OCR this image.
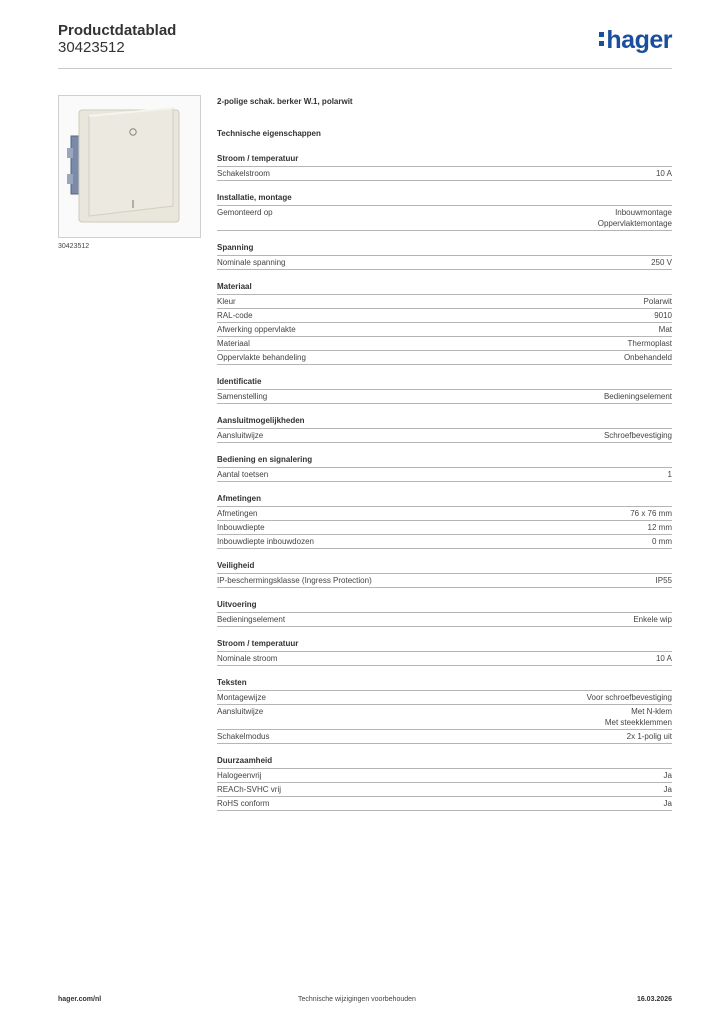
Productdatablad
30423512	hager
30423512
2-polige schak. berker W.1, polarwit
Technische eigenschappen
Stroom / temperatuur
Schakelstroom	10 A
Installatie, montage
Gemonteerd op	Inbouwmontage
Oppervlaktemontage
Spanning
Nominale spanning	250 V
Materiaal
Kleur	Polarwit
RAL-code	9010
Afwerking oppervlakte	Mat
Materiaal	Thermoplast
Oppervlakte behandeling	Onbehandeld
Identificatie
Samenstelling	Bedieningselement
Aansluitmogelijkheden
Aansluitwijze	Schroefbevestiging
Bediening en signalering
Aantal toetsen	1
Afmetingen
Afmetingen	76 x 76 mm
Inbouwdiepte	12 mm
Inbouwdiepte inbouwdozen	0 mm
Veiligheid
IP-beschermingsklasse (Ingress Protection)	IP55
Uitvoering
Bedieningselement	Enkele wip
Stroom / temperatuur
Nominale stroom	10 A
Teksten
Montagewijze	Voor schroefbevestiging
Aansluitwijze	Met N-klem
Met steekklemmen
Schakelmodus	2x 1-polig uit
Duurzaamheid
Halogeenvrij	Ja
REACh-SVHC vrij	Ja
RoHS conform	Ja
hager.com/nl	Technische wijzigingen voorbehouden	16.03.2026
